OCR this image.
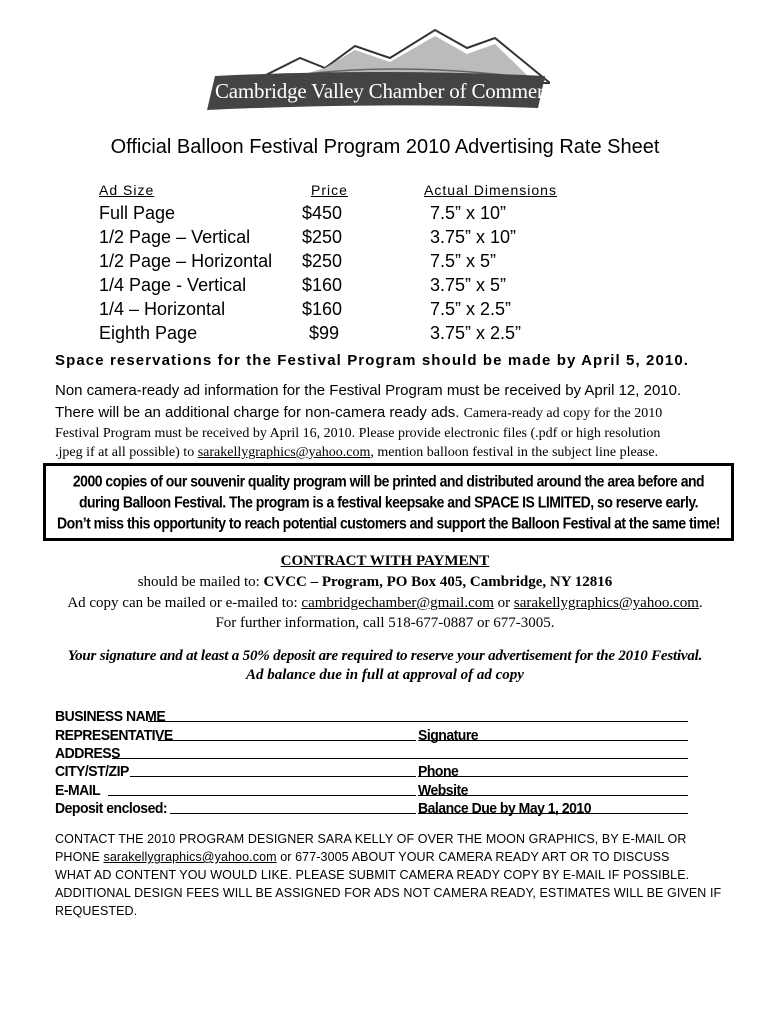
Cambridge Valley Chamber of Commerce
Official Balloon Festival Program 2010 Advertising Rate Sheet
Ad Size	Price	Actual Dimensions
Full Page	$450	7.5” x 10”
1/2 Page – Vertical	$250	3.75” x 10”
1/2 Page – Horizontal $250	7.5” x 5”
1/4 Page - Vertical	$160	3.75” x 5”
1/4 – Horizontal	$160	7.5” x 2.5”
Eighth Page	$99	3.75” x 2.5”
Space reservations for the Festival Program should be made by April 5, 2010.
Non camera-ready ad information for the Festival Program must be received by April 12, 2010.
There will be an additional charge for non-camera ready ads. Camera-ready ad copy for the 2010
Festival Program must be received by April 16, 2010. Please provide electronic files (.pdf or high resolution
.jpeg if at all possible) to sarakellygraphics@yahoo.com, mention balloon festival in the subject line please.
2000 copies of our souvenir quality program will be printed and distributed around the area before and
during Balloon Festival. The program is a festival keepsake and SPACE IS LIMITED, so reserve early.
Don’t miss this opportunity to reach potential customers and support the Balloon Festival at the same time!
CONTRACT WITH PAYMENT
should be mailed to: CVCC – Program, PO Box 405, Cambridge, NY 12816
Ad copy can be mailed or e-mailed to: cambridgechamber@gmail.com or sarakellygraphics@yahoo.com.
For further information, call 518-677-0887 or 677-3005.
Your signature and at least a 50% deposit are required to reserve your advertisement for the 2010 Festival.
Ad balance due in full at approval of ad copy
BUSINESS NAME
REPRESENTATIVE	Signature
ADDRESS
CITY/ST/ZIP	Phone
E-MAIL	Website
Deposit enclosed:	Balance Due by May 1, 2010
CONTACT THE 2010 PROGRAM DESIGNER SARA KELLY OF OVER THE MOON GRAPHICS, BY E-MAIL OR
PHONE sarakellygraphics@yahoo.com or 677-3005 ABOUT YOUR CAMERA READY ART OR TO DISCUSS
WHAT AD CONTENT YOU WOULD LIKE. PLEASE SUBMIT CAMERA READY COPY BY E-MAIL IF POSSIBLE.
ADDITIONAL DESIGN FEES WILL BE ASSIGNED FOR ADS NOT CAMERA READY, ESTIMATES WILL BE GIVEN IF
REQUESTED.
